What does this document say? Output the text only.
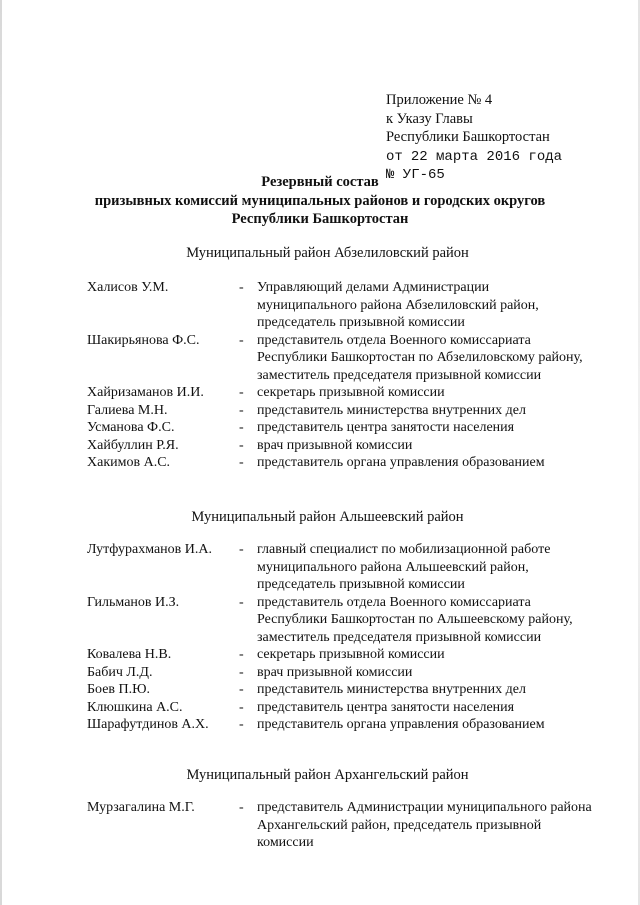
Приложение № 4
к Указу Главы
Республики Башкортостан
от 22 марта 2016 года
№ УГ-65
Резервный состав
призывных комиссий муниципальных районов и городских округов
Республики Башкортостан
Муниципальный район Абзелиловский район
Халисов У.М.	- Управляющий делами Администрации муниципального района Абзелиловский район, председатель призывной комиссии
Шакирьянова Ф.С.	- представитель отдела Военного комиссариата Республики Башкортостан по Абзелиловскому району, заместитель председателя призывной комиссии
Хайризаманов И.И.	- секретарь призывной комиссии
Галиева М.Н.	- представитель министерства внутренних дел
Усманова Ф.С.	- представитель центра занятости населения
Хайбуллин Р.Я.	- врач призывной комиссии
Хакимов А.С.	- представитель органа управления образованием
Муниципальный район Альшеевский район
Лутфурахманов И.А.	- главный специалист по мобилизационной работе муниципального района Альшеевский район, председатель призывной комиссии
Гильманов И.З.	- представитель отдела Военного комиссариата Республики Башкортостан по Альшеевскому району, заместитель председателя призывной комиссии
Ковалева Н.В.	- секретарь призывной комиссии
Бабич Л.Д.	- врач призывной комиссии
Боев П.Ю.	- представитель министерства внутренних дел
Клюшкина А.С.	- представитель центра занятости населения
Шарафутдинов А.Х.	- представитель органа управления образованием
Муниципальный район Архангельский район
Мурзагалина М.Г.	- представитель Администрации муниципального района Архангельский район, председатель призывной комиссии
